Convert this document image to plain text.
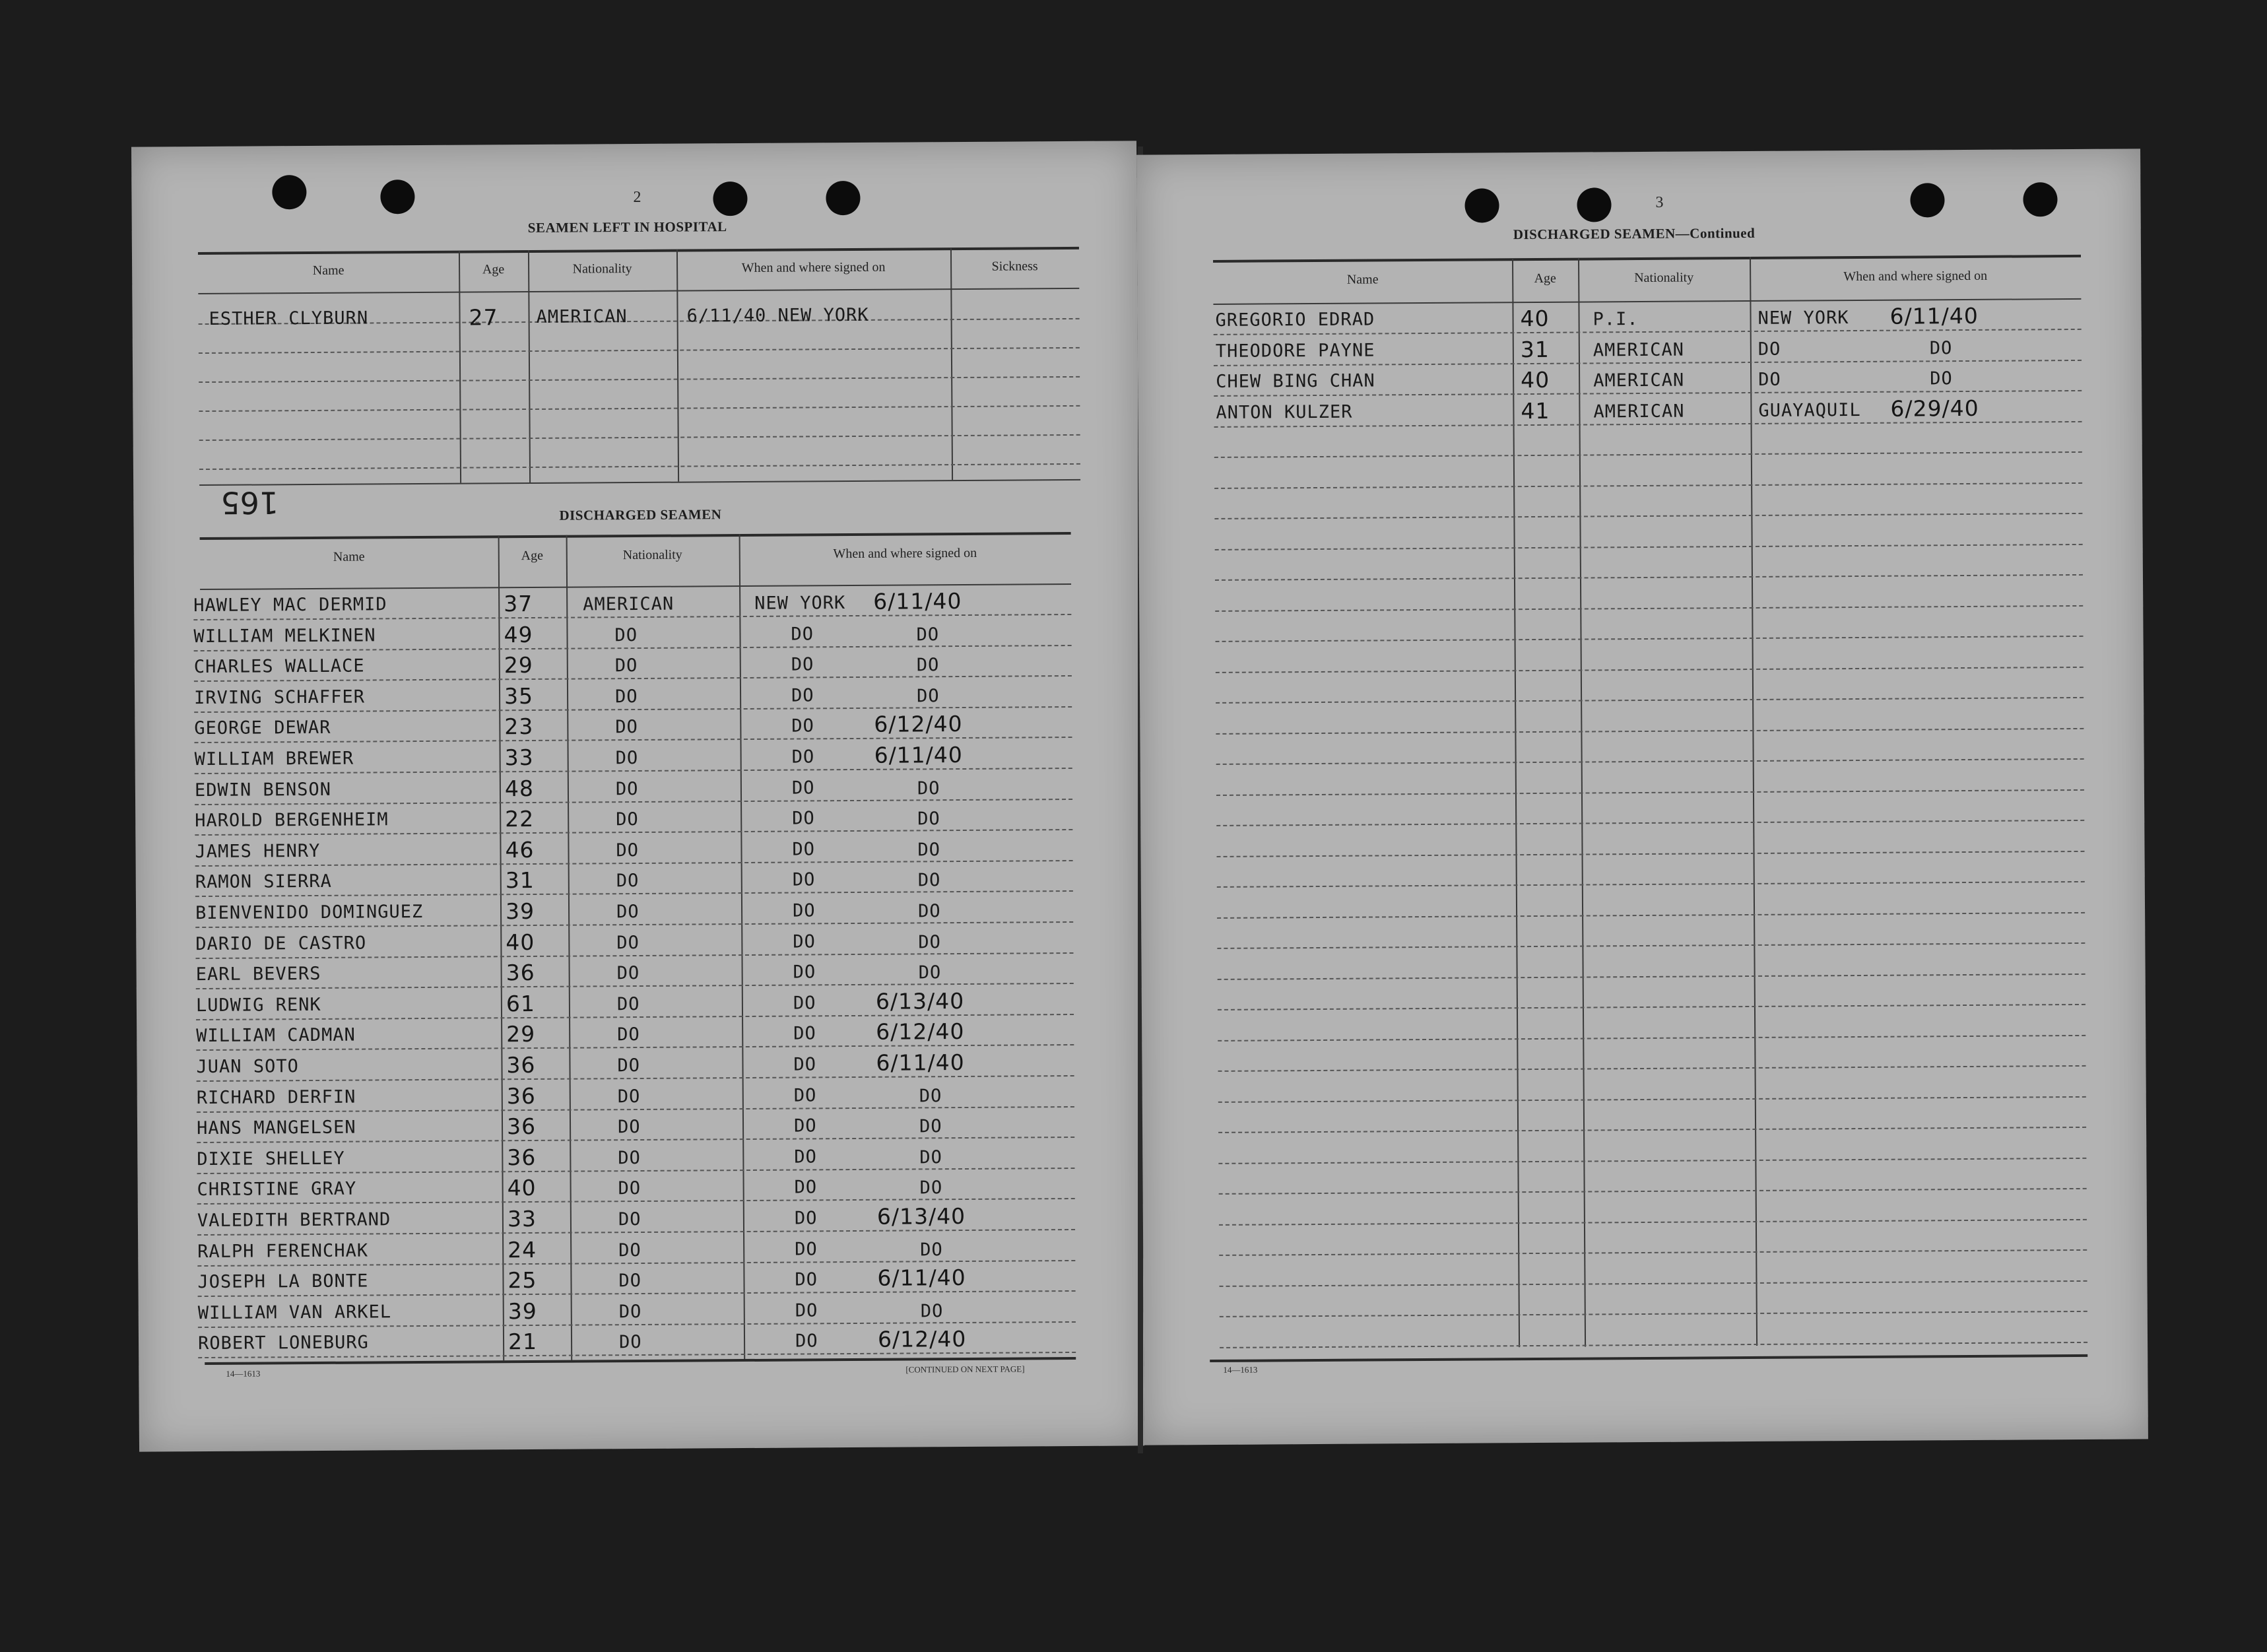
2
SEAMEN LEFT IN HOSPITAL
Name	Age	Nationality	When and where signed on	Sickness
ESTHER CLYBURN	27 AMERICAN	6/11/40 NEW YORK
165	DISCHARGED SEAMEN
Name	Age	Nationality	When and where signed on
HAWLEY MAC DERMID	37	AMERICAN	NEW YORK 6/11/40
WILLIAM MELKINEN	49	DO	DO	DO
CHARLES WALLACE	29	DO	DO	DO
IRVING SCHAFFER	35	DO	DO	DO
GEORGE DEWAR	23	DO	DO	6/12/40
WILLIAM BREWER	33	DO	DO	6/11/40
EDWIN BENSON	48	DO	DO	DO
HAROLD BERGENHEIM	22	DO	DO	DO
JAMES HENRY	46	DO	DO	DO
RAMON SIERRA	31	DO	DO	DO
BIENVENIDO DOMINGUEZ	39	DO	DO	DO
DARIO DE CASTRO	40	DO	DO	DO
EARL BEVERS	36	DO	DO	DO
LUDWIG RENK	61	DO	DO	6/13/40
WILLIAM CADMAN	29	DO	DO	6/12/40
JUAN SOTO	36	DO	DO	6/11/40
RICHARD DERFIN	36	DO	DO	DO
HANS MANGELSEN	36	DO	DO	DO
DIXIE SHELLEY	36	DO	DO	DO
CHRISTINE GRAY	40	DO	DO	DO
VALEDITH BERTRAND	33	DO	DO	6/13/40
RALPH FERENCHAK	24	DO	DO	DO
JOSEPH LA BONTE	25	DO	DO	6/11/40
WILLIAM VAN ARKEL	39	DO	DO	DO
ROBERT LONEBURG	21	DO	DO	6/12/40
14—1613	[CONTINUED ON NEXT PAGE]
3
DISCHARGED SEAMEN—Continued
Name	Age	Nationality	When and where signed on
GREGORIO EDRAD	40 P.I.	NEW YORK 6/11/40
THEODORE PAYNE	31 AMERICAN	DO	DO
CHEW BING CHAN	40 AMERICAN	DO	DO
ANTON KULZER	41 AMERICAN	GUAYAQUIL 6/29/40
14—1613
